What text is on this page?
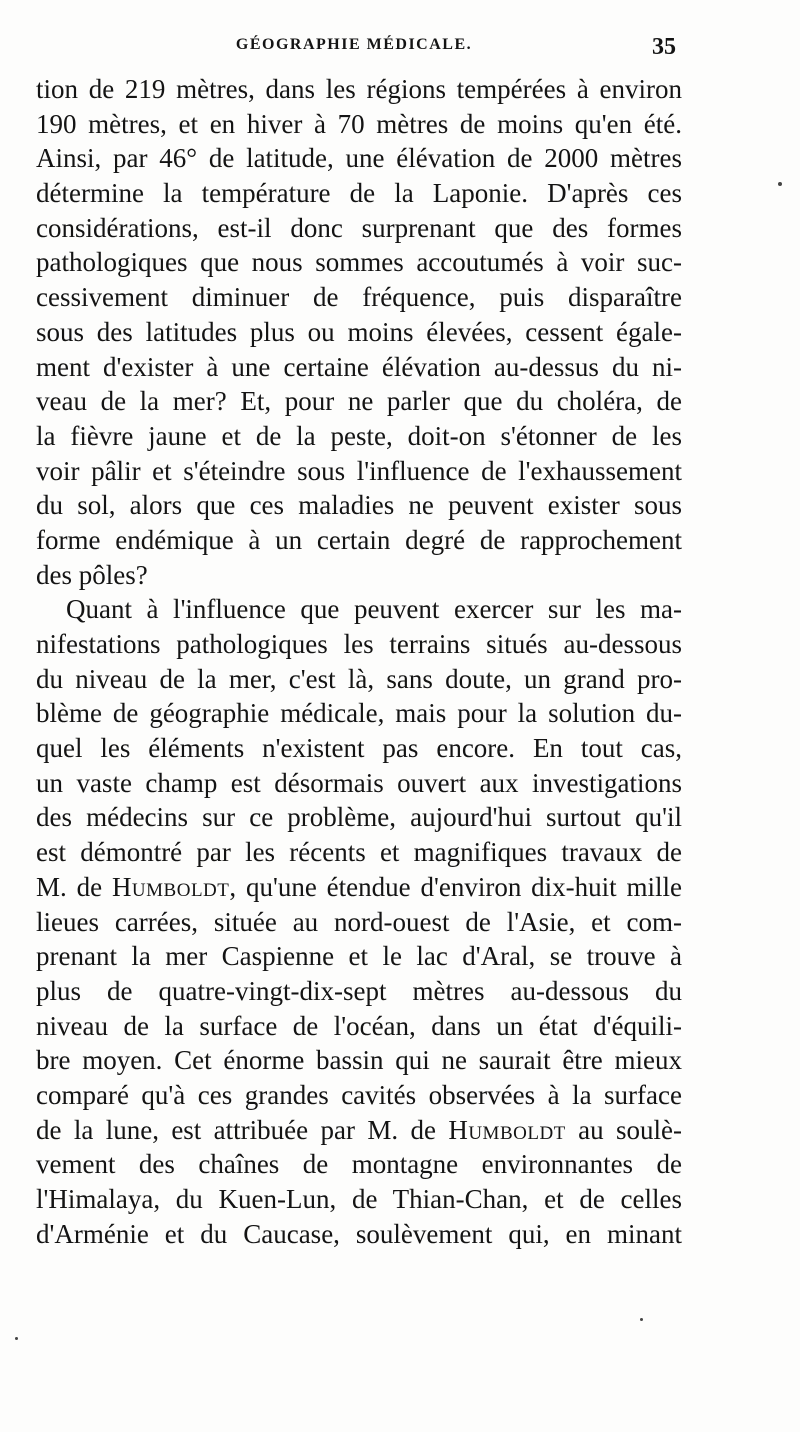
GÉOGRAPHIE MÉDICALE.	35
tion de 219 mètres, dans les régions tempérées à environ
190 mètres, et en hiver à 70 mètres de moins qu'en été.
Ainsi, par 46° de latitude, une élévation de 2000 mètres
détermine la température de la Laponie. D'après ces
considérations, est-il donc surprenant que des formes
pathologiques que nous sommes accoutumés à voir suc-
cessivement diminuer de fréquence, puis disparaître
sous des latitudes plus ou moins élevées, cessent égale-
ment d'exister à une certaine élévation au-dessus du ni-
veau de la mer? Et, pour ne parler que du choléra, de
la fièvre jaune et de la peste, doit-on s'étonner de les
voir pâlir et s'éteindre sous l'influence de l'exhaussement
du sol, alors que ces maladies ne peuvent exister sous
forme endémique à un certain degré de rapprochement
des pôles?
Quant à l'influence que peuvent exercer sur les ma-
nifestations pathologiques les terrains situés au-dessous
du niveau de la mer, c'est là, sans doute, un grand pro-
blème de géographie médicale, mais pour la solution du-
quel les éléments n'existent pas encore. En tout cas,
un vaste champ est désormais ouvert aux investigations
des médecins sur ce problème, aujourd'hui surtout qu'il
est démontré par les récents et magnifiques travaux de
M. de Humboldt, qu'une étendue d'environ dix-huit mille
lieues carrées, située au nord-ouest de l'Asie, et com-
prenant la mer Caspienne et le lac d'Aral, se trouve à
plus de quatre-vingt-dix-sept mètres au-dessous du
niveau de la surface de l'océan, dans un état d'équili-
bre moyen. Cet énorme bassin qui ne saurait être mieux
comparé qu'à ces grandes cavités observées à la surface
de la lune, est attribuée par M. de Humboldt au soulè-
vement des chaînes de montagne environnantes de
l'Himalaya, du Kuen-Lun, de Thian-Chan, et de celles
d'Arménie et du Caucase, soulèvement qui, en minant
